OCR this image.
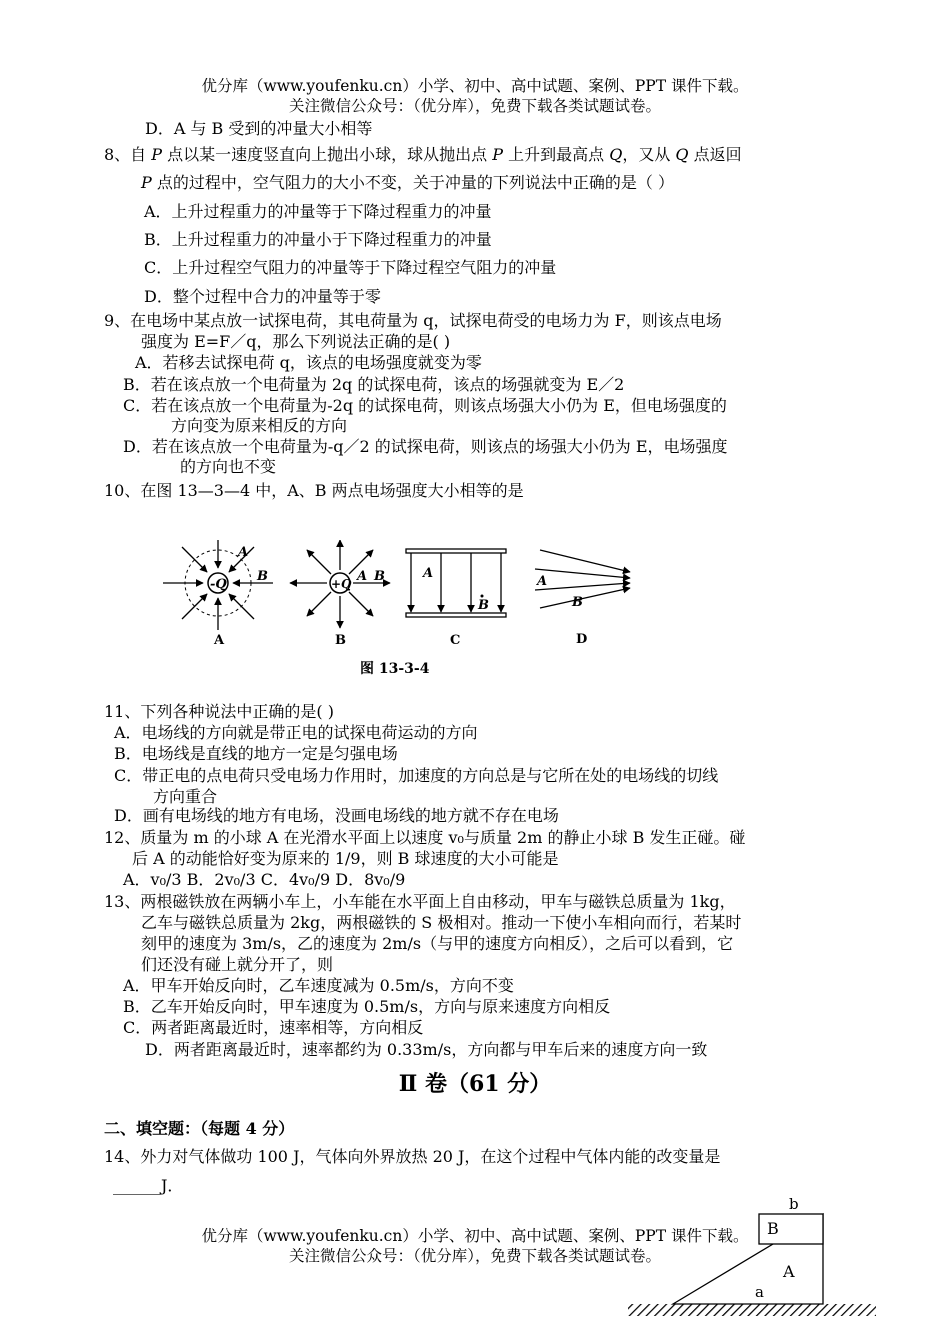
优分库（www.youfenku.cn）小学、初中、高中试题、案例、PPT 课件下载。
关注微信公众号：（优分库），免费下载各类试题试卷。
D．A 与 B 受到的冲量大小相等
8、自 P 点以某一速度竖直向上抛出小球，球从抛出点 P 上升到最高点 Q，又从 Q 点返回
P 点的过程中，空气阻力的大小不变，关于冲量的下列说法中正确的是（ ）
A．上升过程重力的冲量等于下降过程重力的冲量
B．上升过程重力的冲量小于下降过程重力的冲量
C．上升过程空气阻力的冲量等于下降过程空气阻力的冲量
D．整个过程中合力的冲量等于零
9、在电场中某点放一试探电荷，其电荷量为 q，试探电荷受的电场力为 F，则该点电场
强度为 E=F／q，那么下列说法正确的是( )
A．若移去试探电荷 q，该点的电场强度就变为零
B．若在该点放一个电荷量为 2q 的试探电荷，该点的场强就变为 E／2
C．若在该点放一个电荷量为-2q 的试探电荷，则该点场强大小仍为 E，但电场强度的
方向变为原来相反的方向
D．若在该点放一个电荷量为-q／2 的试探电荷，则该点的场强大小仍为 E，电场强度
的方向也不变
10、在图 13—3—4 中，A、B 两点电场强度大小相等的是
-Q
A
B
A
+Q A B
B
A
B
C
A
B
D
图 13-3-4
11、下列各种说法中正确的是( )
A．电场线的方向就是带正电的试探电荷运动的方向
B．电场线是直线的地方一定是匀强电场
C．带正电的点电荷只受电场力作用时，加速度的方向总是与它所在处的电场线的切线
方向重合
D．画有电场线的地方有电场，没画电场线的地方就不存在电场
12、质量为 m 的小球 A 在光滑水平面上以速度 v₀与质量 2m 的静止小球 B 发生正碰。碰
后 A 的动能恰好变为原来的 1/9，则 B 球速度的大小可能是
A．v₀/3 B．2v₀/3 C．4v₀/9 D．8v₀/9
13、两根磁铁放在两辆小车上，小车能在水平面上自由移动，甲车与磁铁总质量为 1kg，
乙车与磁铁总质量为 2kg，两根磁铁的 S 极相对。推动一下使小车相向而行，若某时
刻甲的速度为 3m/s，乙的速度为 2m/s（与甲的速度方向相反），之后可以看到，它
们还没有碰上就分开了，则
A．甲车开始反向时，乙车速度减为 0.5m/s，方向不变
B．乙车开始反向时，甲车速度为 0.5m/s，方向与原来速度方向相反
C．两者距离最近时，速率相等，方向相反
D．两者距离最近时，速率都约为 0.33m/s，方向都与甲车后来的速度方向一致
Ⅱ 卷（61 分）
二、填空题：（每题 4 分）
14、外力对气体做功 100 J，气体向外界放热 20 J，在这个过程中气体内能的改变量是
______J．
B
A
b
a
优分库（www.youfenku.cn）小学、初中、高中试题、案例、PPT 课件下载。
关注微信公众号：（优分库），免费下载各类试题试卷。
